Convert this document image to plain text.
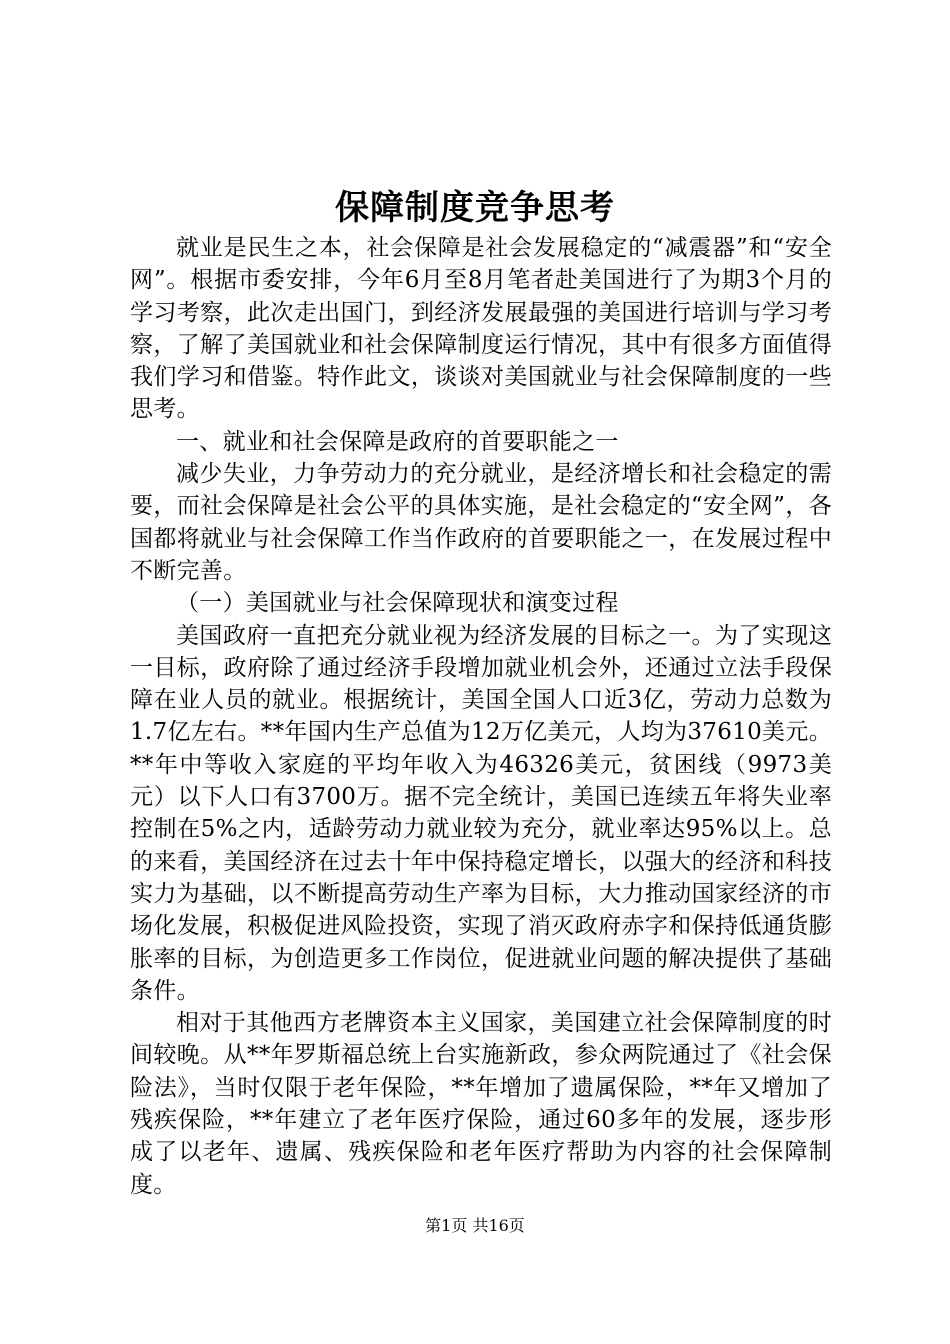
保障制度竞争思考

就业是民生之本，社会保障是社会发展稳定的“减震器”和“安全网”。根据市委安排，今年6月至8月笔者赴美国进行了为期3个月的学习考察，此次走出国门，到经济发展最强的美国进行培训与学习考察，了解了美国就业和社会保障制度运行情况，其中有很多方面值得我们学习和借鉴。特作此文，谈谈对美国就业与社会保障制度的一些思考。

一、就业和社会保障是政府的首要职能之一

减少失业，力争劳动力的充分就业，是经济增长和社会稳定的需要，而社会保障是社会公平的具体实施，是社会稳定的“安全网”，各国都将就业与社会保障工作当作政府的首要职能之一，在发展过程中不断完善。

（一）美国就业与社会保障现状和演变过程

美国政府一直把充分就业视为经济发展的目标之一。为了实现这一目标，政府除了通过经济手段增加就业机会外，还通过立法手段保障在业人员的就业。根据统计，美国全国人口近3亿，劳动力总数为1.7亿左右。**年国内生产总值为12万亿美元，人均为37610美元。**年中等收入家庭的平均年收入为46326美元，贫困线（9973美元）以下人口有3700万。据不完全统计，美国已连续五年将失业率控制在5%之内，适龄劳动力就业较为充分，就业率达95%以上。总的来看，美国经济在过去十年中保持稳定增长，以强大的经济和科技实力为基础，以不断提高劳动生产率为目标，大力推动国家经济的市场化发展，积极促进风险投资，实现了消灭政府赤字和保持低通货膨胀率的目标，为创造更多工作岗位，促进就业问题的解决提供了基础条件。

相对于其他西方老牌资本主义国家，美国建立社会保障制度的时间较晚。从**年罗斯福总统上台实施新政，参众两院通过了《社会保险法》，当时仅限于老年保险，**年增加了遗属保险，**年又增加了残疾保险，**年建立了老年医疗保险，通过60多年的发展，逐步形成了以老年、遗属、残疾保险和老年医疗帮助为内容的社会保障制度。

第1页 共16页
